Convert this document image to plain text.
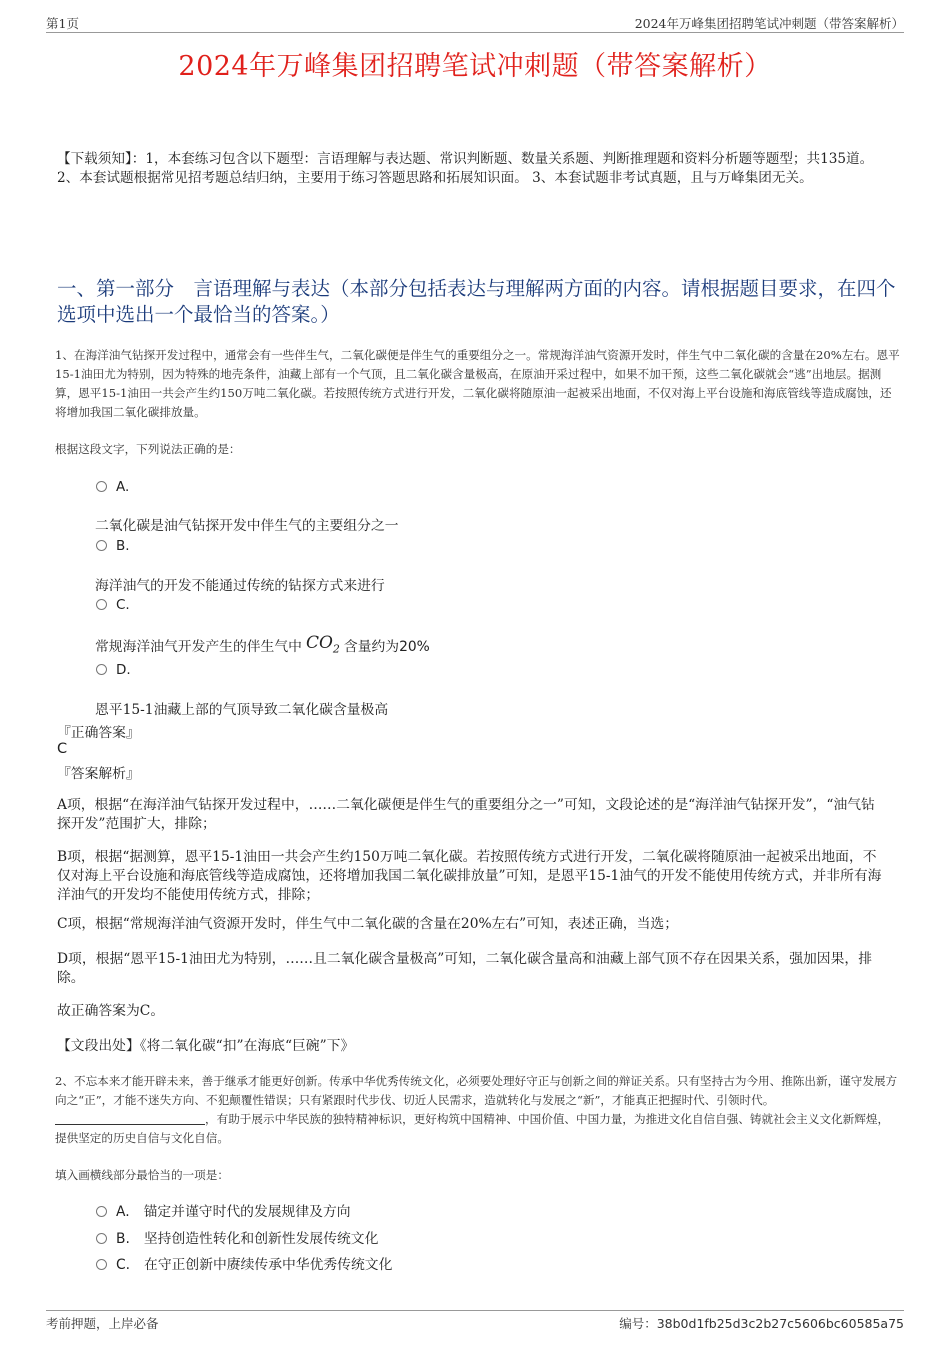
第1页	2024年万峰集团招聘笔试冲刺题（带答案解析）
2024年万峰集团招聘笔试冲刺题（带答案解析）
【下载须知】：1，本套练习包含以下题型：言语理解与表达题、常识判断题、数量关系题、判断推理题和资料分析题等题型；共135道。 2、本套试题根据常见招考题总结归纳，主要用于练习答题思路和拓展知识面。 3、本套试题非考试真题，且与万峰集团无关。
一、第一部分　言语理解与表达（本部分包括表达与理解两方面的内容。请根据题目要求，在四个选项中选出一个最恰当的答案。）
1、在海洋油气钻探开发过程中，通常会有一些伴生气，二氧化碳便是伴生气的重要组分之一。常规海洋油气资源开发时，伴生气中二氧化碳的含量在20%左右。恩平15-1油田尤为特别，因为特殊的地壳条件，油藏上部有一个气顶，且二氧化碳含量极高，在原油开采过程中，如果不加干预，这些二氧化碳就会“逃”出地层。据测算，恩平15-1油田一共会产生约150万吨二氧化碳。若按照传统方式进行开发，二氧化碳将随原油一起被采出地面，不仅对海上平台设施和海底管线等造成腐蚀，还将增加我国二氧化碳排放量。
根据这段文字，下列说法正确的是：
A.
二氧化碳是油气钻探开发中伴生气的主要组分之一
B.
海洋油气的开发不能通过传统的钻探方式来进行
C.
常规海洋油气开发产生的伴生气中 $CO_2$ 含量约为20%
D.
恩平15-1油藏上部的气顶导致二氧化碳含量极高
『正确答案』
C
『答案解析』
A项，根据“在海洋油气钻探开发过程中，……二氧化碳便是伴生气的重要组分之一”可知，文段论述的是“海洋油气钻探开发”，“油气钻探开发”范围扩大，排除；
B项，根据“据测算，恩平15-1油田一共会产生约150万吨二氧化碳。若按照传统方式进行开发，二氧化碳将随原油一起被采出地面，不仅对海上平台设施和海底管线等造成腐蚀，还将增加我国二氧化碳排放量”可知，是恩平15-1油气的开发不能使用传统方式，并非所有海洋油气的开发均不能使用传统方式，排除；
C项，根据“常规海洋油气资源开发时，伴生气中二氧化碳的含量在20%左右”可知，表述正确，当选；
D项，根据“恩平15-1油田尤为特别，……且二氧化碳含量极高”可知，二氧化碳含量高和油藏上部气顶不存在因果关系，强加因果，排除。
故正确答案为C。
【文段出处】《将二氧化碳“扣”在海底“巨碗”下》
2、不忘本来才能开辟未来，善于继承才能更好创新。传承中华优秀传统文化，必须要处理好守正与创新之间的辩证关系。只有坚持古为今用、推陈出新，谨守发展方向之“正”，才能不迷失方向、不犯颠覆性错误；只有紧跟时代步伐、切近人民需求，造就转化与发展之“新”，才能真正把握时代、引领时代。，有助于展示中华民族的独特精神标识，更好构筑中国精神、中国价值、中国力量，为推进文化自信自强、铸就社会主义文化新辉煌，提供坚定的历史自信与文化自信。
填入画横线部分最恰当的一项是：
A. 锚定并谨守时代的发展规律及方向
B. 坚持创造性转化和创新性发展传统文化
C. 在守正创新中赓续传承中华优秀传统文化
考前押题，上岸必备	编号：38b0d1fb25d3c2b27c5606bc60585a75
